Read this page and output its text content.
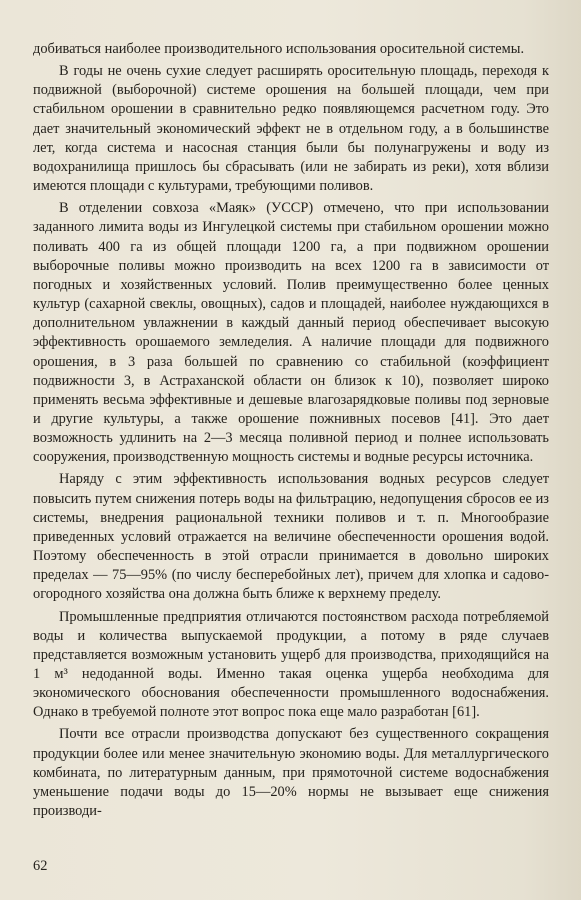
добиваться наиболее производительного использования оросительной системы.

В годы не очень сухие следует расширять оросительную площадь, переходя к подвижной (выборочной) системе орошения на большей площади, чем при стабильном орошении в сравнительно редко появляющемся расчетном году. Это дает значительный экономический эффект не в отдельном году, а в большинстве лет, когда система и насосная станция были бы полунагружены и воду из водохранилища пришлось бы сбрасывать (или не забирать из реки), хотя вблизи имеются площади с культурами, требующими поливов.

В отделении совхоза «Маяк» (УССР) отмечено, что при использовании заданного лимита воды из Ингулецкой системы при стабильном орошении можно поливать 400 га из общей площади 1200 га, а при подвижном орошении выборочные поливы можно производить на всех 1200 га в зависимости от погодных и хозяйственных условий. Полив преимущественно более ценных культур (сахарной свеклы, овощных), садов и площадей, наиболее нуждающихся в дополнительном увлажнении в каждый данный период обеспечивает высокую эффективность орошаемого земледелия. А наличие площади для подвижного орошения, в 3 раза большей по сравнению со стабильной (коэффициент подвижности 3, в Астраханской области он близок к 10), позволяет широко применять весьма эффективные и дешевые влагозарядковые поливы под зерновые и другие культуры, а также орошение пожнивных посевов [41]. Это дает возможность удлинить на 2—3 месяца поливной период и полнее использовать сооружения, производственную мощность системы и водные ресурсы источника.

Наряду с этим эффективность использования водных ресурсов следует повысить путем снижения потерь воды на фильтрацию, недопущения сбросов ее из системы, внедрения рациональной техники поливов и т. п. Многообразие приведенных условий отражается на величине обеспеченности орошения водой. Поэтому обеспеченность в этой отрасли принимается в довольно широких пределах — 75—95% (по числу бесперебойных лет), причем для хлопка и садово-огородного хозяйства она должна быть ближе к верхнему пределу.

Промышленные предприятия отличаются постоянством расхода потребляемой воды и количества выпускаемой продукции, а потому в ряде случаев представляется возможным установить ущерб для производства, приходящийся на 1 м³ недоданной воды. Именно такая оценка ущерба необходима для экономического обоснования обеспеченности промышленного водоснабжения. Однако в требуемой полноте этот вопрос пока еще мало разработан [61].

Почти все отрасли производства допускают без существенного сокращения продукции более или менее значительную экономию воды. Для металлургического комбината, по литературным данным, при прямоточной системе водоснабжения уменьшение подачи воды до 15—20% нормы не вызывает еще снижения производи-

62
